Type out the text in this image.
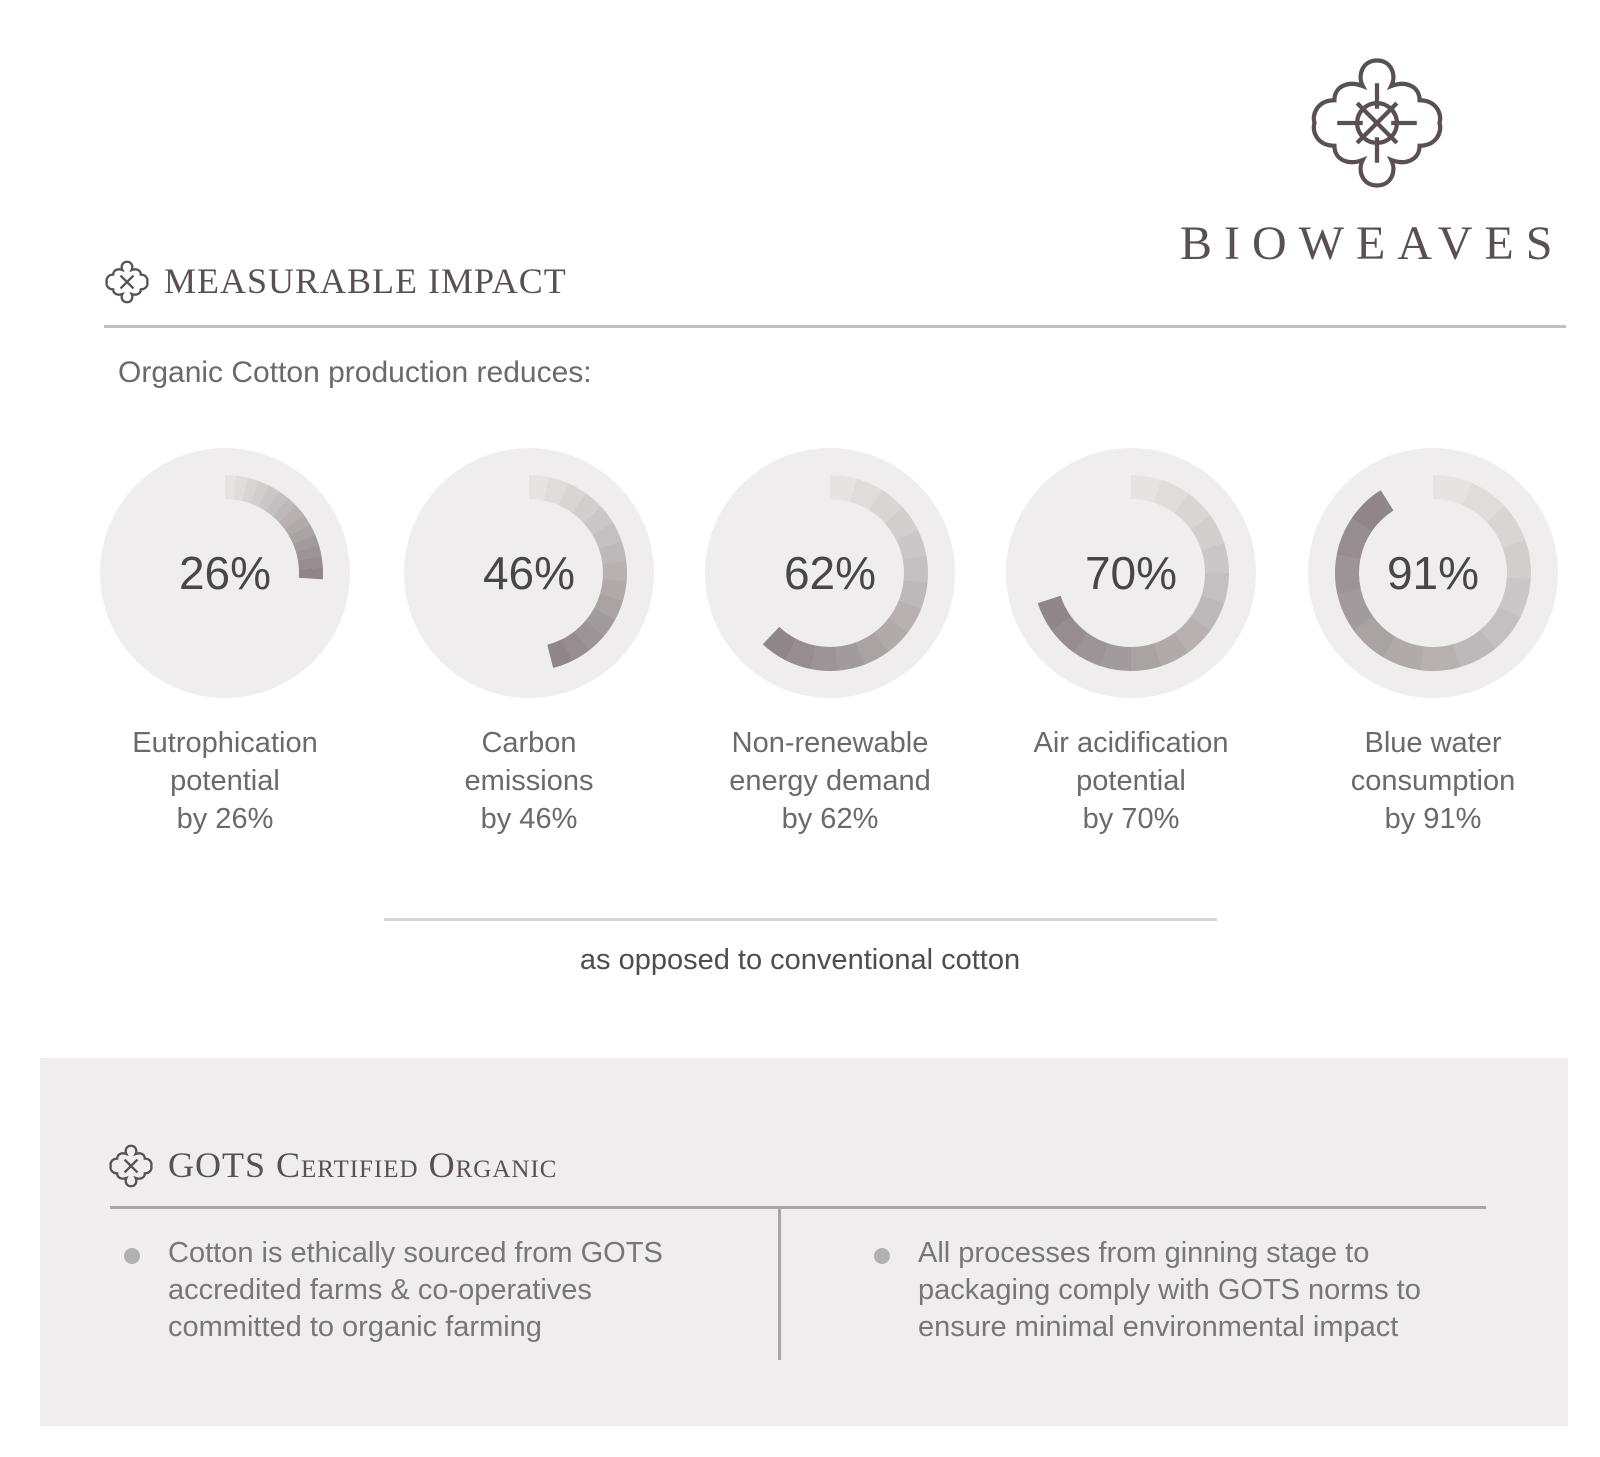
BIOWEAVES
MEASURABLE IMPACT
Organic Cotton production reduces:
26%
Eutrophication
potential
by 26%
46%
Carbon
emissions
by 46%
62%
Non-renewable
energy demand
by 62%
70%
Air acidification
potential
by 70%
91%
Blue water
consumption
by 91%
as opposed to conventional cotton
GOTS Certified Organic
Cotton is ethically sourced from GOTS
accredited farms & co-operatives
committed to organic farming
All processes from ginning stage to
packaging comply with GOTS norms to
ensure minimal environmental impact
